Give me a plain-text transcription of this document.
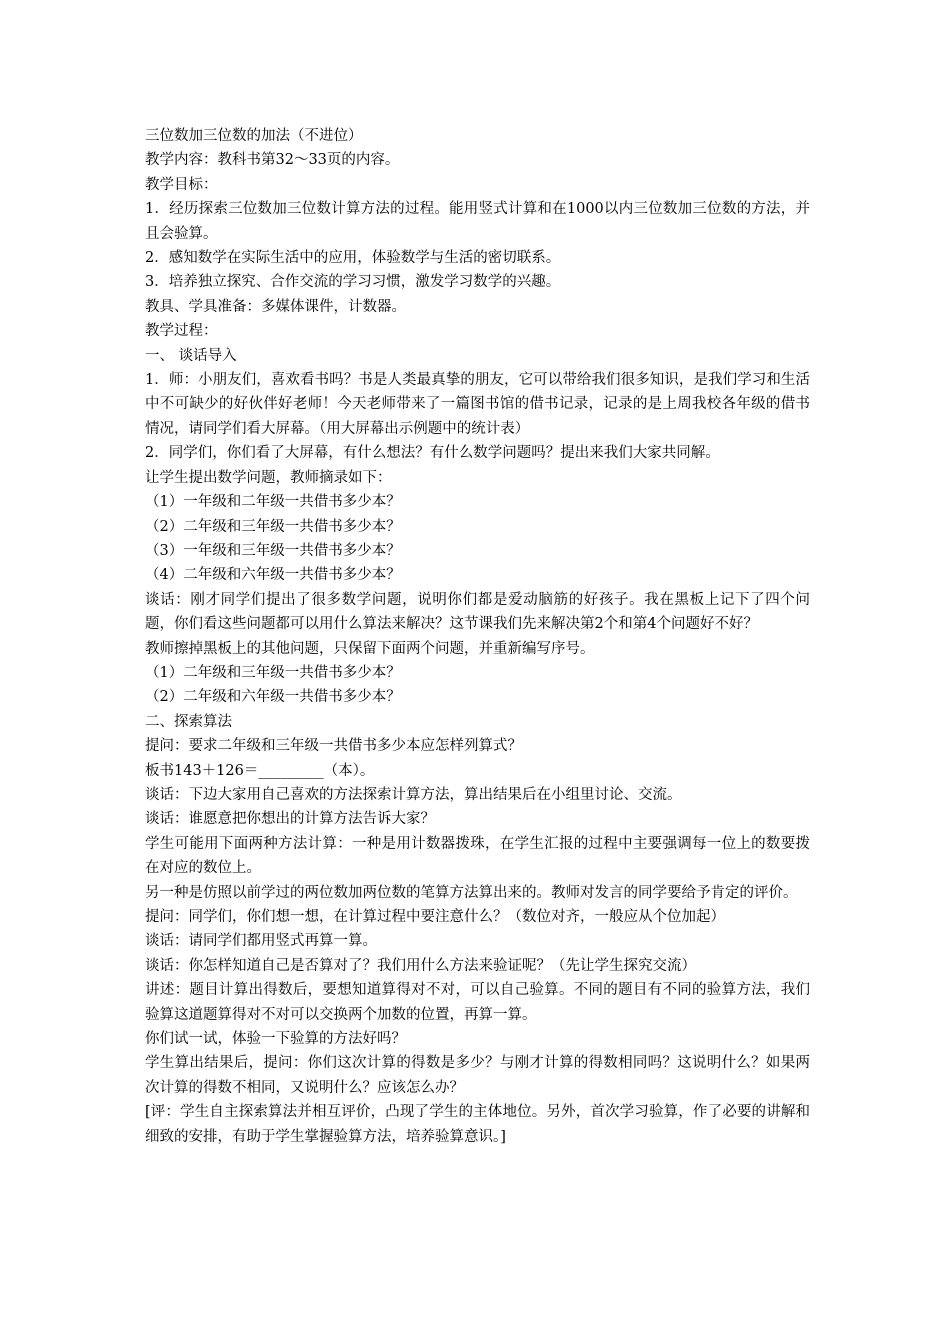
三位数加三位数的加法（不进位）

教学内容：教科书第32～33页的内容。

教学目标：

1．经历探索三位数加三位数计算方法的过程。能用竖式计算和在1000以内三位数加三位数的方法，并且会验算。

2．感知数学在实际生活中的应用，体验数学与生活的密切联系。

3．培养独立探究、合作交流的学习习惯，激发学习数学的兴趣。

教具、学具准备：多媒体课件，计数器。

教学过程：

一、 谈话导入

1．师：小朋友们，喜欢看书吗？书是人类最真挚的朋友，它可以带给我们很多知识，是我们学习和生活中不可缺少的好伙伴好老师！今天老师带来了一篇图书馆的借书记录，记录的是上周我校各年级的借书情况，请同学们看大屏幕。（用大屏幕出示例题中的统计表）

2．同学们，你们看了大屏幕，有什么想法？有什么数学问题吗？提出来我们大家共同解。

让学生提出数学问题，教师摘录如下：

（1）一年级和二年级一共借书多少本？

（2）二年级和三年级一共借书多少本？

（3）一年级和三年级一共借书多少本？

（4）二年级和六年级一共借书多少本？

谈话：刚才同学们提出了很多数学问题，说明你们都是爱动脑筋的好孩子。我在黑板上记下了四个问题，你们看这些问题都可以用什么算法来解决？这节课我们先来解决第2个和第4个问题好不好？

教师擦掉黑板上的其他问题，只保留下面两个问题，并重新编写序号。

（1）二年级和三年级一共借书多少本？

（2）二年级和六年级一共借书多少本？

二、探索算法

提问：要求二年级和三年级一共借书多少本应怎样列算式？

板书143＋126＝_________（本）。

谈话：下边大家用自己喜欢的方法探索计算方法，算出结果后在小组里讨论、交流。

谈话：谁愿意把你想出的计算方法告诉大家？

学生可能用下面两种方法计算：一种是用计数器拨珠，在学生汇报的过程中主要强调每一位上的数要拨在对应的数位上。

另一种是仿照以前学过的两位数加两位数的笔算方法算出来的。教师对发言的同学要给予肯定的评价。

提问：同学们，你们想一想，在计算过程中要注意什么？（数位对齐，一般应从个位加起）

谈话：请同学们都用竖式再算一算。

谈话：你怎样知道自己是否算对了？我们用什么方法来验证呢？（先让学生探究交流）

讲述：题目计算出得数后，要想知道算得对不对，可以自己验算。不同的题目有不同的验算方法，我们验算这道题算得对不对可以交换两个加数的位置，再算一算。

你们试一试，体验一下验算的方法好吗？

学生算出结果后，提问：你们这次计算的得数是多少？与刚才计算的得数相同吗？这说明什么？如果两次计算的得数不相同，又说明什么？应该怎么办？

[评：学生自主探索算法并相互评价，凸现了学生的主体地位。另外，首次学习验算，作了必要的讲解和细致的安排，有助于学生掌握验算方法，培养验算意识。]
